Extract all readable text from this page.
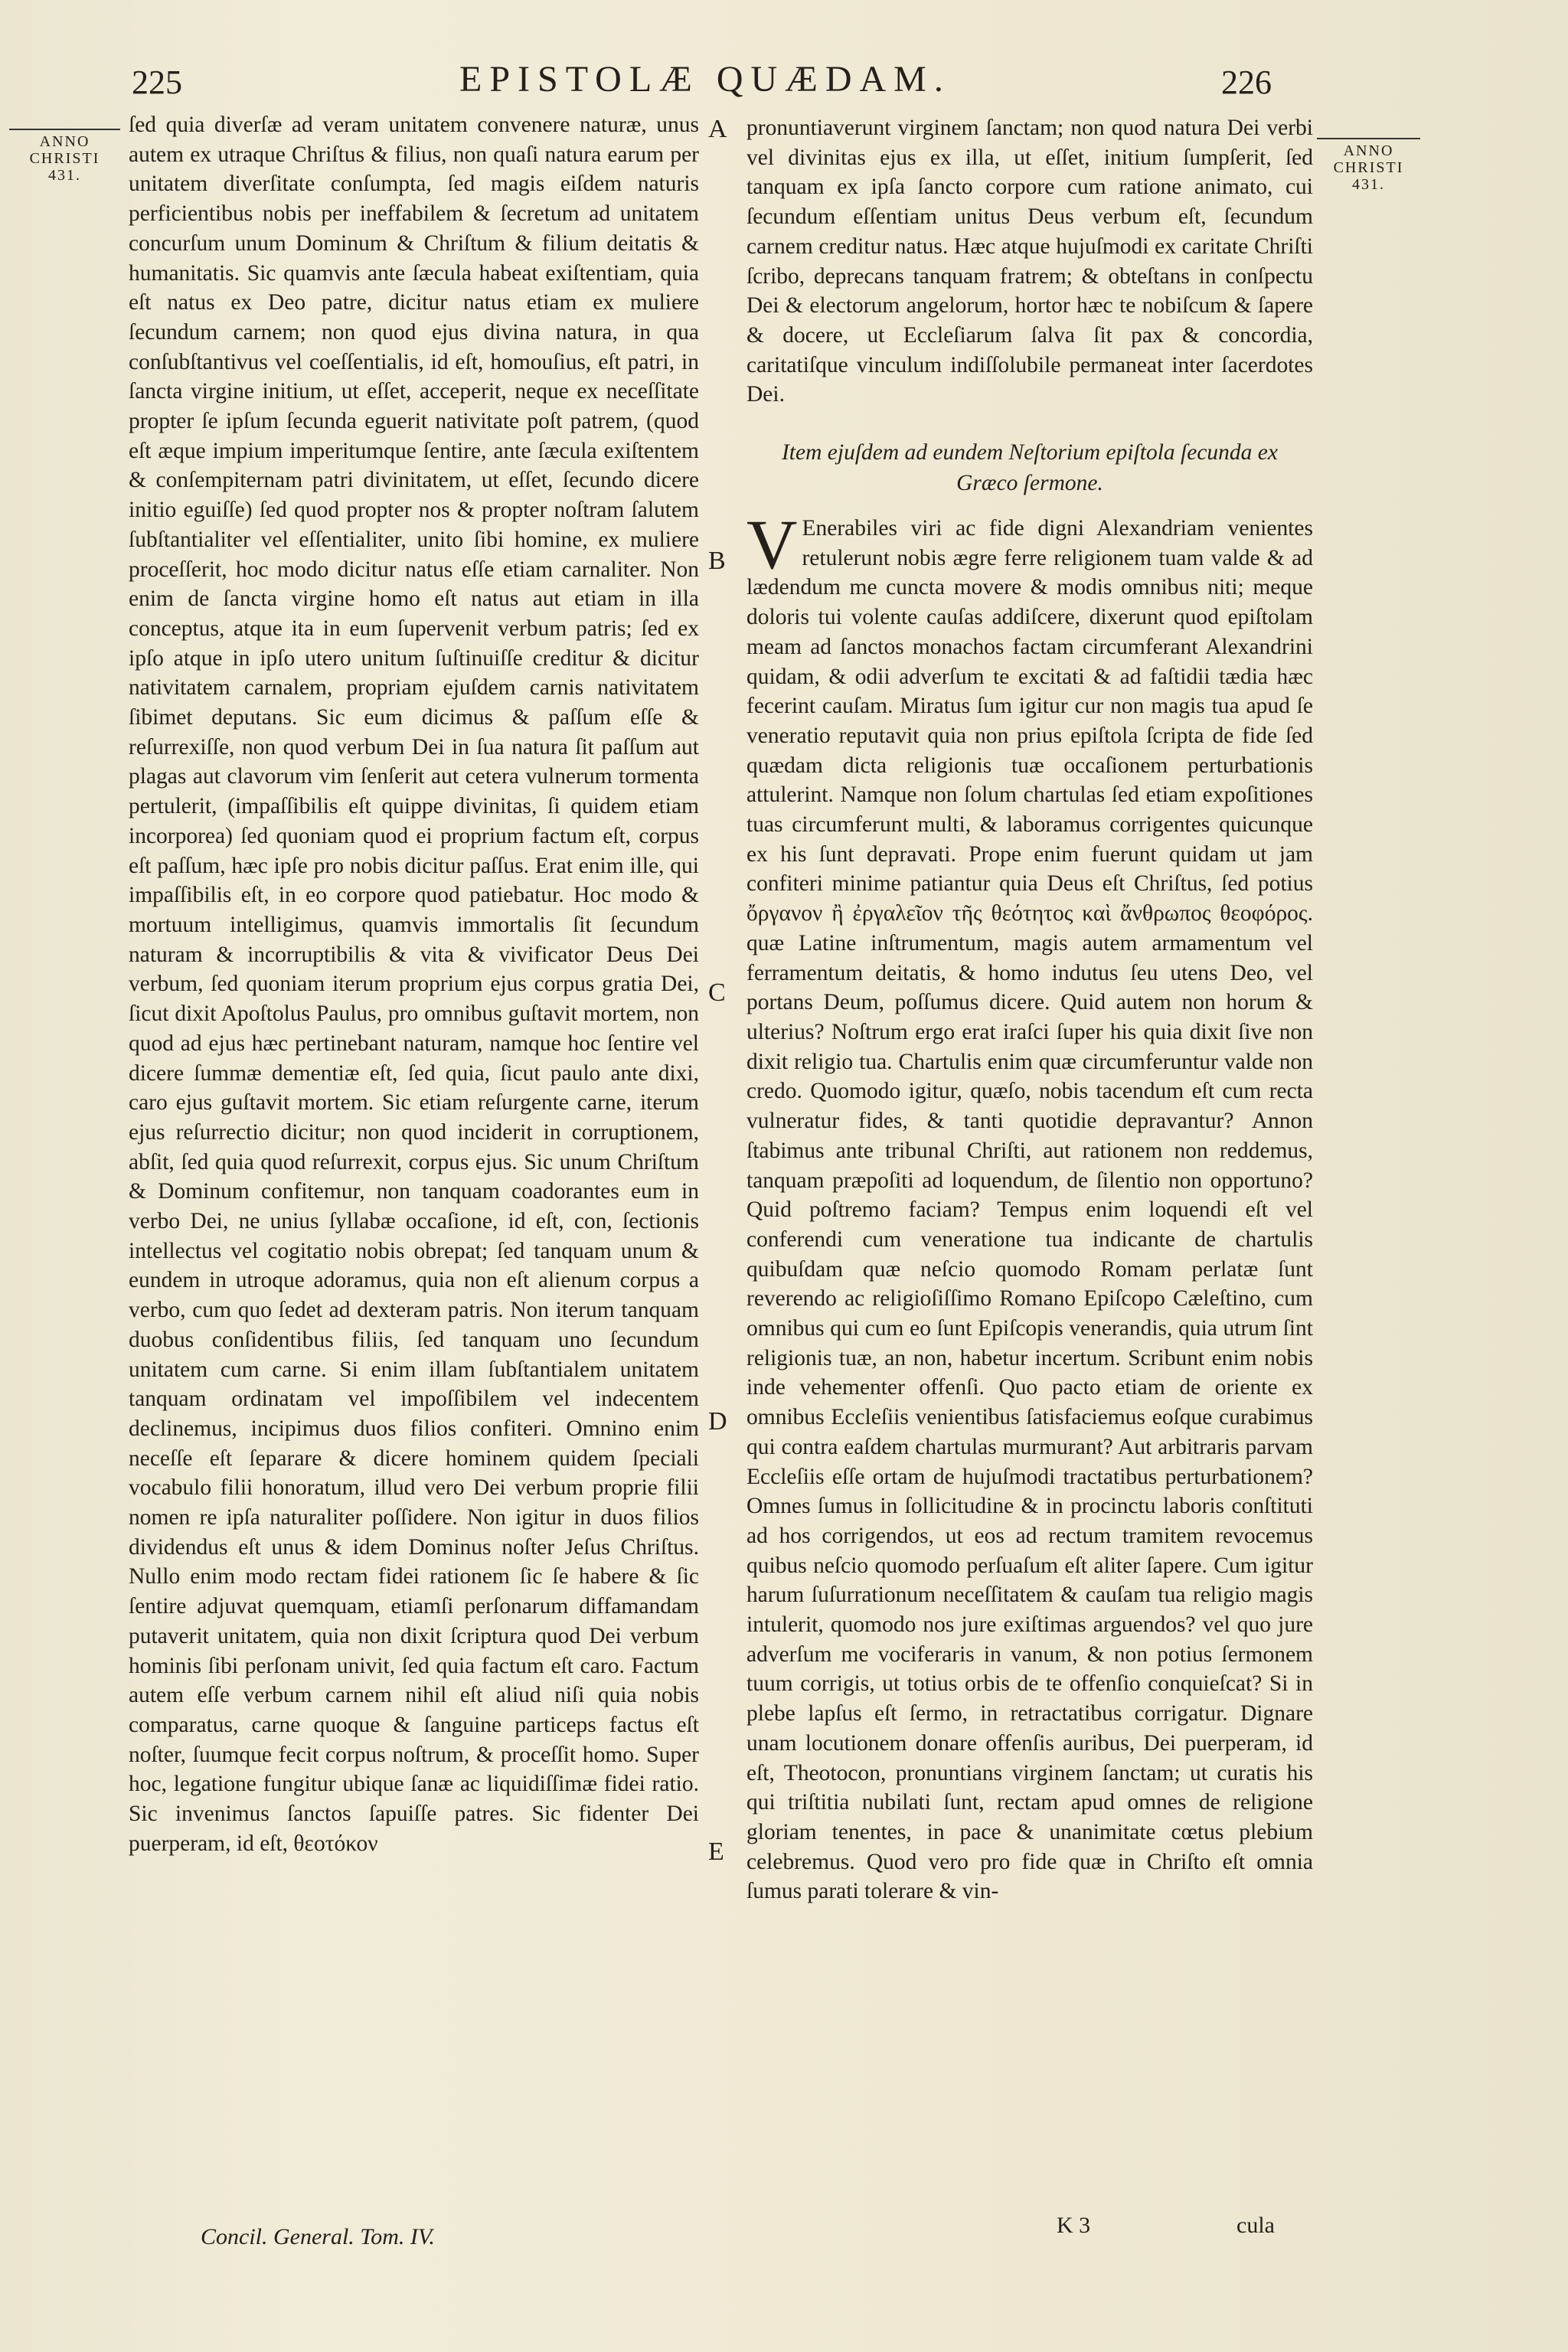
225	EPISTOLÆ QUÆDAM.	226
ANNO
CHRISTI
431.
ANNO
CHRISTI
431.
A
B
C
D
E

ſed quia diverſæ ad veram unitatem convenere naturæ, unus autem ex utraque Chriſtus & filius, non quaſi natura earum per unitatem diverſitate conſumpta, ſed magis eiſdem naturis perficientibus nobis per ineffabilem & ſecretum ad unitatem concurſum unum Dominum & Chriſtum & filium deitatis & humanitatis. Sic quamvis ante ſæcula habeat exiſtentiam, quia eſt natus ex Deo patre, dicitur natus etiam ex muliere ſecundum carnem; non quod ejus divina natura, in qua conſubſtantivus vel coeſſentialis, id eſt, homouſius, eſt patri, in ſancta virgine initium, ut eſſet, acceperit, neque ex neceſſitate propter ſe ipſum ſecunda eguerit nativitate poſt patrem, (quod eſt æque impium imperitumque ſentire, ante ſæcula exiſtentem & conſempiternam patri divinitatem, ut eſſet, ſecundo dicere initio eguiſſe) ſed quod propter nos & propter noſtram ſalutem ſubſtantialiter vel eſſentialiter, unito ſibi homine, ex muliere proceſſerit, hoc modo dicitur natus eſſe etiam carnaliter. Non enim de ſancta virgine homo eſt natus aut etiam in illa conceptus, atque ita in eum ſupervenit verbum patris; ſed ex ipſo atque in ipſo utero unitum ſuſtinuiſſe creditur & dicitur nativitatem carnalem, propriam ejuſdem carnis nativitatem ſibimet deputans. Sic eum dicimus & paſſum eſſe & reſurrexiſſe, non quod verbum Dei in ſua natura ſit paſſum aut plagas aut clavorum vim ſenſerit aut cetera vulnerum tormenta pertulerit, (impaſſibilis eſt quippe divinitas, ſi quidem etiam incorporea) ſed quoniam quod ei proprium factum eſt, corpus eſt paſſum, hæc ipſe pro nobis dicitur paſſus. Erat enim ille, qui impaſſibilis eſt, in eo corpore quod patiebatur. Hoc modo & mortuum intelligimus, quamvis immortalis ſit ſecundum naturam & incorruptibilis & vita & vivificator Deus Dei verbum, ſed quoniam iterum proprium ejus corpus gratia Dei, ſicut dixit Apoſtolus Paulus, pro omnibus guſtavit mortem, non quod ad ejus hæc pertinebant naturam, namque hoc ſentire vel dicere ſummæ dementiæ eſt, ſed quia, ſicut paulo ante dixi, caro ejus guſtavit mortem. Sic etiam reſurgente carne, iterum ejus reſurrectio dicitur; non quod inciderit in corruptionem, abſit, ſed quia quod reſurrexit, corpus ejus. Sic unum Chriſtum & Dominum confitemur, non tanquam coadorantes eum in verbo Dei, ne unius ſyllabæ occaſione, id eſt, con, ſectionis intellectus vel cogitatio nobis obrepat; ſed tanquam unum & eundem in utroque adoramus, quia non eſt alienum corpus a verbo, cum quo ſedet ad dexteram patris. Non iterum tanquam duobus conſidentibus filiis, ſed tanquam uno ſecundum unitatem cum carne. Si enim illam ſubſtantialem unitatem tanquam ordinatam vel impoſſibilem vel indecentem declinemus, incipimus duos filios confiteri. Omnino enim neceſſe eſt ſeparare & dicere hominem quidem ſpeciali vocabulo filii honoratum, illud vero Dei verbum proprie filii nomen re ipſa naturaliter poſſidere. Non igitur in duos filios dividendus eſt unus & idem Dominus noſter Jeſus Chriſtus. Nullo enim modo rectam fidei rationem ſic ſe habere & ſic ſentire adjuvat quemquam, etiamſi perſonarum diffamandam putaverit unitatem, quia non dixit ſcriptura quod Dei verbum hominis ſibi perſonam univit, ſed quia factum eſt caro. Factum autem eſſe verbum carnem nihil eſt aliud niſi quia nobis comparatus, carne quoque & ſanguine particeps factus eſt noſter, ſuumque fecit corpus noſtrum, & proceſſit homo. Super hoc, legatione fungitur ubique ſanæ ac liquidiſſimæ fidei ratio. Sic invenimus ſanctos ſapuiſſe patres. Sic fidenter Dei puerperam, id eſt, θεοτόκον

pronuntiaverunt virginem ſanctam; non quod natura Dei verbi vel divinitas ejus ex illa, ut eſſet, initium ſumpſerit, ſed tanquam ex ipſa ſancto corpore cum ratione animato, cui ſecundum eſſentiam unitus Deus verbum eſt, ſecundum carnem creditur natus. Hæc atque hujuſmodi ex caritate Chriſti ſcribo, deprecans tanquam fratrem; & obteſtans in conſpectu Dei & electorum angelorum, hortor hæc te nobiſcum & ſapere & docere, ut Eccleſiarum ſalva ſit pax & concordia, caritatiſque vinculum indiſſolubile permaneat inter ſacerdotes Dei.

Item ejuſdem ad eundem Neſtorium epiſtola ſecunda ex Græco ſermone.

V Enerabiles viri ac fide digni Alexandriam venientes retulerunt nobis ægre ferre religionem tuam valde & ad lædendum me cuncta movere & modis omnibus niti; meque doloris tui volente cauſas addiſcere, dixerunt quod epiſtolam meam ad ſanctos monachos factam circumferant Alexandrini quidam, & odii adverſum te excitati & ad faſtidii tædia hæc fecerint cauſam. Miratus ſum igitur cur non magis tua apud ſe veneratio reputavit quia non prius epiſtola ſcripta de fide ſed quædam dicta religionis tuæ occaſionem perturbationis attulerint. Namque non ſolum chartulas ſed etiam expoſitiones tuas circumferunt multi, & laboramus corrigentes quicunque ex his ſunt depravati. Prope enim fuerunt quidam ut jam confiteri minime patiantur quia Deus eſt Chriſtus, ſed potius ὄργανον ἢ ἐργαλεῖον τῆς θεότητος καὶ ἄνθρωπος θεοφόρος. quæ Latine inſtrumentum, magis autem armamentum vel ferramentum deitatis, & homo indutus ſeu utens Deo, vel portans Deum, poſſumus dicere. Quid autem non horum & ulterius? Noſtrum ergo erat iraſci ſuper his quia dixit ſive non dixit religio tua. Chartulis enim quæ circumferuntur valde non credo. Quomodo igitur, quæſo, nobis tacendum eſt cum recta vulneratur fides, & tanti quotidie depravantur? Annon ſtabimus ante tribunal Chriſti, aut rationem non reddemus, tanquam præpoſiti ad loquendum, de ſilentio non opportuno? Quid poſtremo faciam? Tempus enim loquendi eſt vel conferendi cum veneratione tua indicante de chartulis quibuſdam quæ neſcio quomodo Romam perlatæ ſunt reverendo ac religioſiſſimo Romano Epiſcopo Cæleſtino, cum omnibus qui cum eo ſunt Epiſcopis venerandis, quia utrum ſint religionis tuæ, an non, habetur incertum. Scribunt enim nobis inde vehementer offenſi. Quo pacto etiam de oriente ex omnibus Eccleſiis venientibus ſatisfaciemus eoſque curabimus qui contra eaſdem chartulas murmurant? Aut arbitraris parvam Eccleſiis eſſe ortam de hujuſmodi tractatibus perturbationem? Omnes ſumus in ſollicitudine & in procinctu laboris conſtituti ad hos corrigendos, ut eos ad rectum tramitem revocemus quibus neſcio quomodo perſuaſum eſt aliter ſapere. Cum igitur harum ſuſurrationum neceſſitatem & cauſam tua religio magis intulerit, quomodo nos jure exiſtimas arguendos? vel quo jure adverſum me vociferaris in vanum, & non potius ſermonem tuum corrigis, ut totius orbis de te offenſio conquieſcat? Si in plebe lapſus eſt ſermo, in retractatibus corrigatur. Dignare unam locutionem donare offenſis auribus, Dei puerperam, id eſt, Theotocon, pronuntians virginem ſanctam; ut curatis his qui triſtitia nubilati ſunt, rectam apud omnes de religione gloriam tenentes, in pace & unanimitate cœtus plebium celebremus. Quod vero pro fide quæ in Chriſto eſt omnia ſumus parati tolerare & vin-

Concil. General. Tom. IV.	K 3	cula
